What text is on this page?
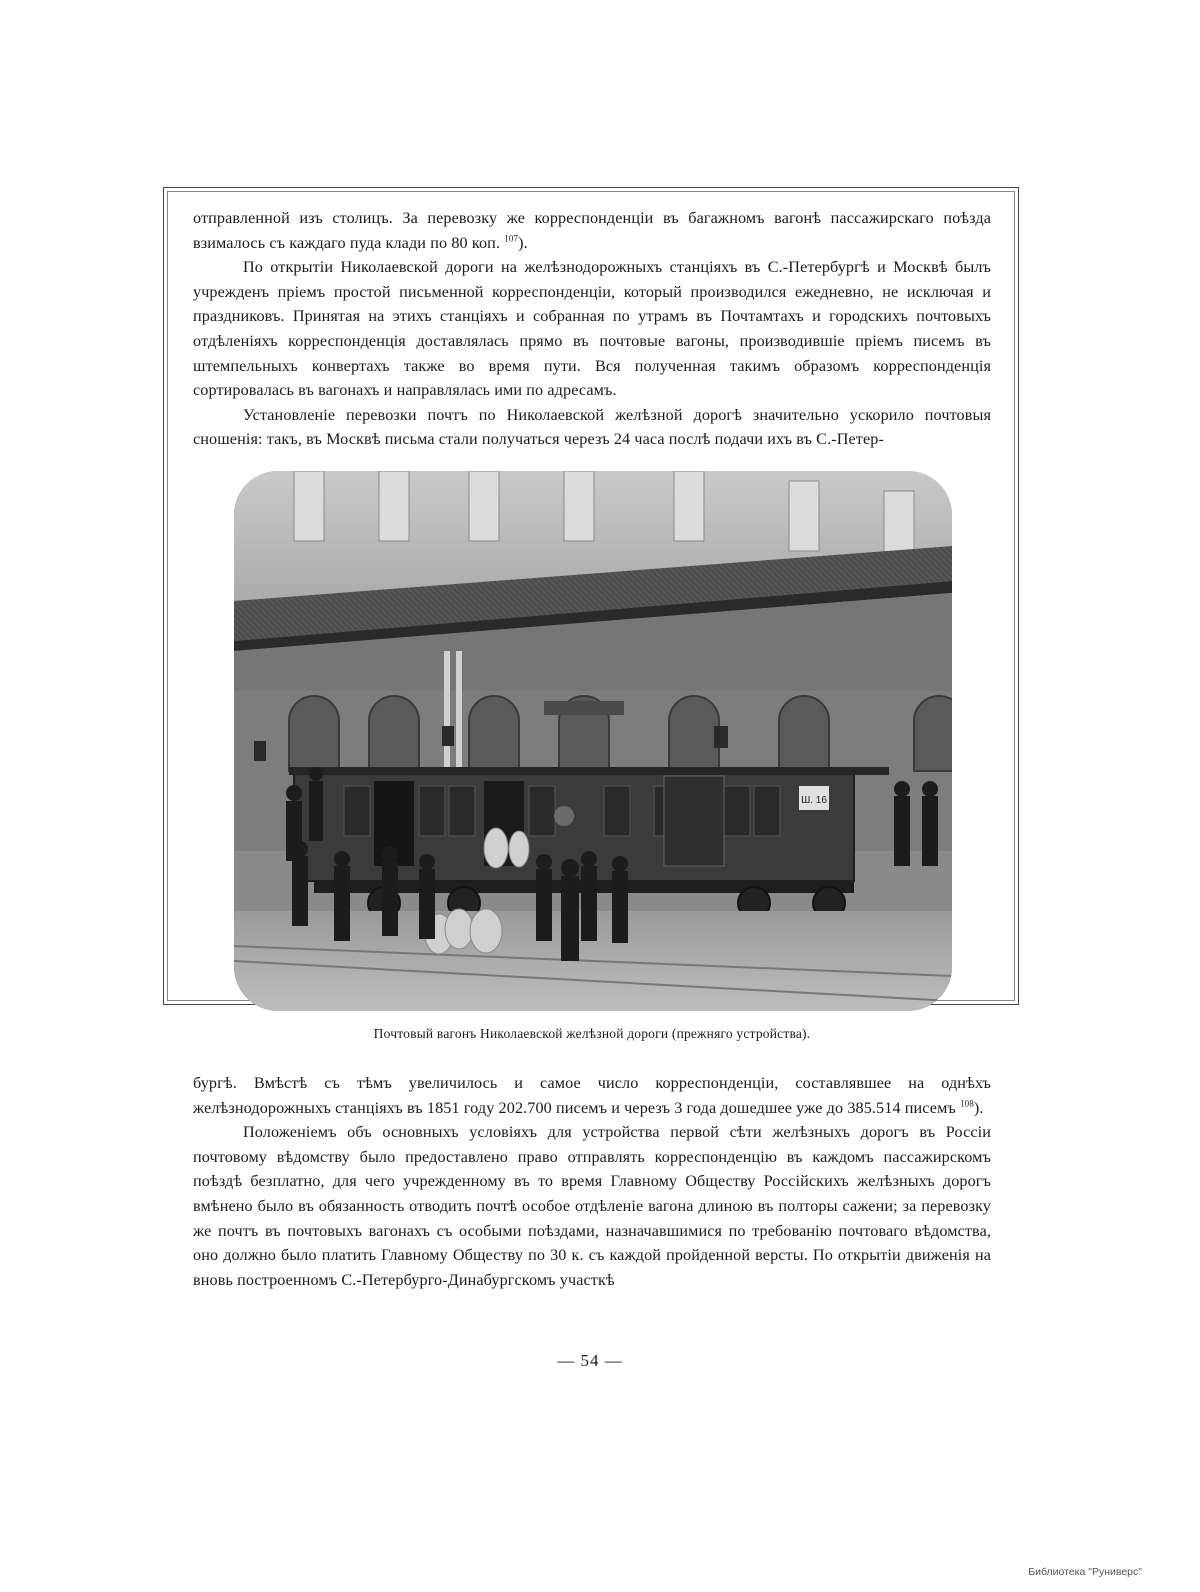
отправленной изъ столицъ. За перевозку же корреспонденціи въ багажномъ вагонѣ пассажирскаго поѣзда взималось съ каждаго пуда клади по 80 коп. $^{107}$).

По открытіи Николаевской дороги на желѣзнодорожныхъ станціяхъ въ С.-Петербургѣ и Москвѣ былъ учрежденъ пріемъ простой письменной корреспонденціи, который производился ежедневно, не исключая и праздниковъ. Принятая на этихъ станціяхъ и собранная по утрамъ въ Почтамтахъ и городскихъ почтовыхъ отдѣленіяхъ корреспонденція доставлялась прямо въ почтовые вагоны, производившіе пріемъ писемъ въ штемпельныхъ конвертахъ также во время пути. Вся полученная такимъ образомъ корреспонденція сортировалась въ вагонахъ и направлялась ими по адресамъ.

Установленіе перевозки почтъ по Николаевской желѣзной дорогѣ значительно ускорило почтовыя сношенія: такъ, въ Москвѣ письма стали получаться черезъ 24 часа послѣ подачи ихъ въ С.-Петер-

Ш. 16
Почтовый вагонъ Николаевской желѣзной дороги (прежняго устройства).

бургѣ. Вмѣстѣ съ тѣмъ увеличилось и самое число корреспонденціи, составлявшее на однѣхъ желѣзнодорожныхъ станціяхъ въ 1851 году 202.700 писемъ и черезъ 3 года дошедшее уже до 385.514 писемъ $^{108}$).

Положеніемъ объ основныхъ условіяхъ для устройства первой сѣти желѣзныхъ дорогъ въ Россіи почтовому вѣдомству было предоставлено право отправлять корреспонденцію въ каждомъ пассажирскомъ поѣздѣ безплатно, для чего учрежденному въ то время Главному Обществу Россійскихъ желѣзныхъ дорогъ вмѣнено было въ обязанность отводить почтѣ особое отдѣленіе вагона длиною въ полторы сажени; за перевозку же почтъ въ почтовыхъ вагонахъ съ особыми поѣздами, назначавшимися по требованію почтоваго вѣдомства, оно должно было платить Главному Обществу по 30 к. съ каждой пройденной версты. По открытіи движенія на вновь построенномъ С.-Петербурго-Динабургскомъ участкѣ

— 54 —
Библиотека "Руниверс"
